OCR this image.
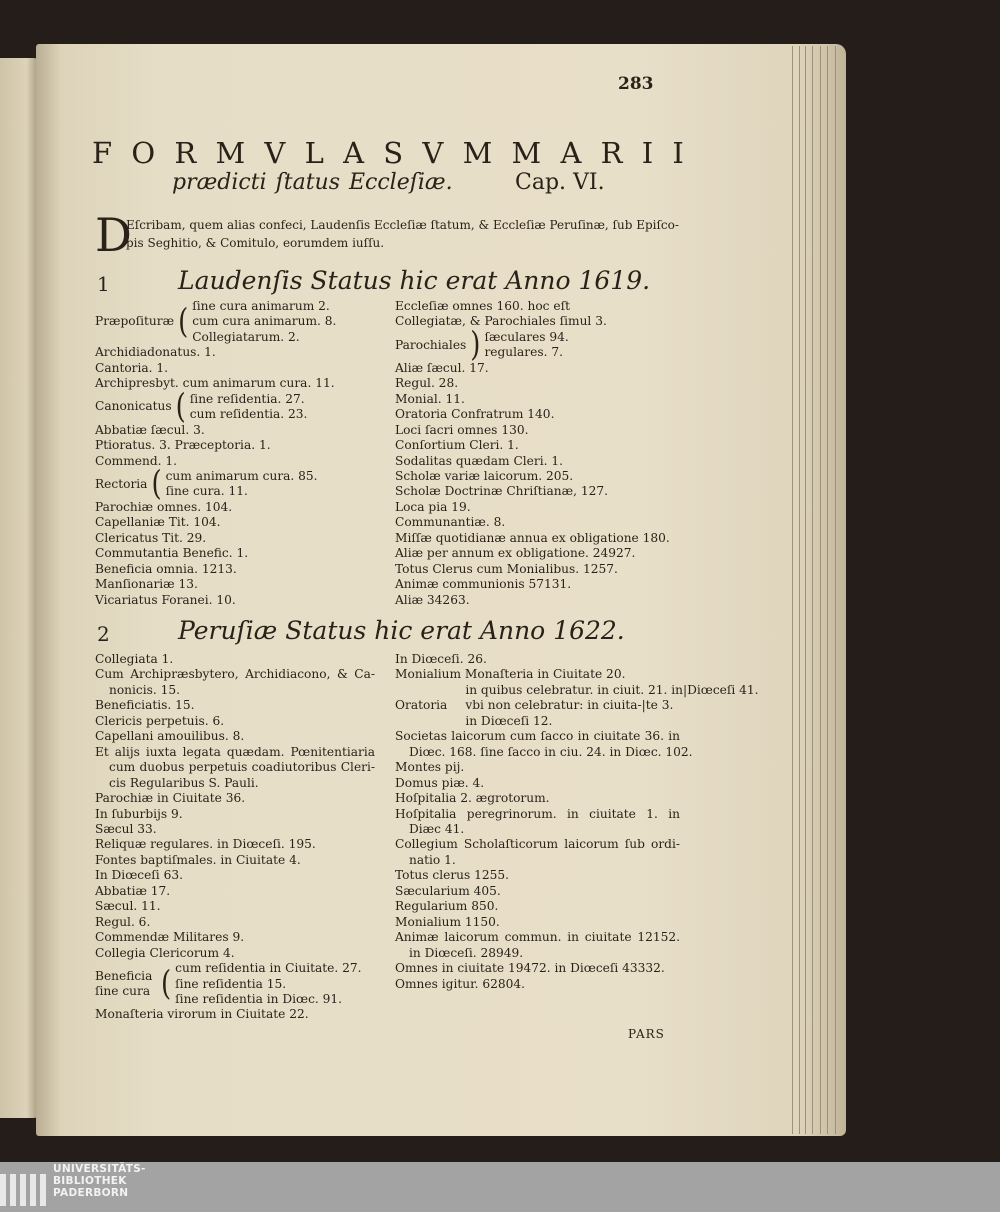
283
F O R M V L A S V M M A R I I
prædicti ſtatus Eccleſiæ.	Cap. VI.
D
Eſcribam, quem alias confeci, Laudenſis Eccleſiæ ſtatum, & Eccleſiæ Peruſinæ, ſub Epiſco-
pis Seghitio, & Comitulo, eorumdem iuſſu.
1	Laudenſis Status hic erat Anno 1619.
Præpoſituræ ( ſine cura animarum 2.
cum cura animarum. 8.
Collegiatarum. 2.
Archidiadonatus. 1.
Cantoria. 1.
Archipresbyt. cum animarum cura. 11.
Canonicatus ( ſine reſidentia. 27.
cum reſidentia. 23.
Abbatiæ ſæcul. 3.
Ptioratus. 3. Præceptoria. 1.
Commend. 1.
Rectoria ( cum animarum cura. 85.
ſine cura. 11.
Parochiæ omnes. 104.
Capellaniæ Tit. 104.
Clericatus Tit. 29.
Commutantia Benefic. 1.
Beneficia omnia. 1213.
Manſionariæ 13.
Vicariatus Foranei. 10.
Eccleſiæ omnes 160. hoc eſt
Collegiatæ, & Parochiales ſimul 3.
Parochiales ) ſæculares 94.
regulares. 7.
Aliæ ſæcul. 17.
Regul. 28.
Monial. 11.
Oratoria Confratrum 140.
Loci ſacri omnes 130.
Conſortium Cleri. 1.
Sodalitas quædam Cleri. 1.
Scholæ variæ laicorum. 205.
Scholæ Doctrinæ Chriſtianæ, 127.
Loca pia 19.
Communantiæ. 8.
Miſſæ quotidianæ annua ex obligatione 180.
Aliæ per annum ex obligatione. 24927.
Totus Clerus cum Monialibus. 1257.
Animæ communionis 57131.
Aliæ 34263.
2	Peruſiæ Status hic erat Anno 1622.
Collegiata 1.
Cum Archipræsbytero, Archidiacono, & Ca-
nonicis. 15.
Beneficiatis. 15.
Clericis perpetuis. 6.
Capellani amouilibus. 8.
Et alijs iuxta legata quædam. Pœnitentiaria
cum duobus perpetuis coadiutoribus Cleri-
cis Regularibus S. Pauli.
Parochiæ in Ciuitate 36.
In ſuburbijs 9.
Sæcul 33.
Reliquæ regulares. in Diœceſi. 195.
Fontes baptiſmales. in Ciuitate 4.
In Diœceſi 63.
Abbatiæ 17.
Sæcul. 11.
Regul. 6.
Commendæ Militares 9.
Collegia Clericorum 4.
Beneficia ſine cura ( cum reſidentia in Ciuitate. 27.
ſine reſidentia 15.
ſine reſidentia in Diœc. 91.
Monaſteria virorum in Ciuitate 22.
In Diœceſi. 26.
Monialium Monaſteria in Ciuitate 20.
Oratoria
in quibus celebratur. in ciuit. 21. in|Diœceſi 41.
vbi non celebratur: in ciuita-|te 3.
in Diœceſi 12.
Societas laicorum cum ſacco in ciuitate 36. in
Diœc. 168. ſine ſacco in ciu. 24. in Diœc. 102.
Montes pij.
Domus piæ. 4.
Hoſpitalia 2. ægrotorum.
Hoſpitalia peregrinorum. in ciuitate 1. in
Diæc 41.
Collegium Scholaſticorum laicorum ſub ordi-
natio 1.
Totus clerus 1255.
Sæcularium 405.
Regularium 850.
Monialium 1150.
Animæ laicorum commun. in ciuitate 12152.
in Diœceſi. 28949.
Omnes in ciuitate 19472. in Diœceſi 43332.
Omnes igitur. 62804.
PARS
UNIVERSITÄTS-
BIBLIOTHEK
PADERBORN
